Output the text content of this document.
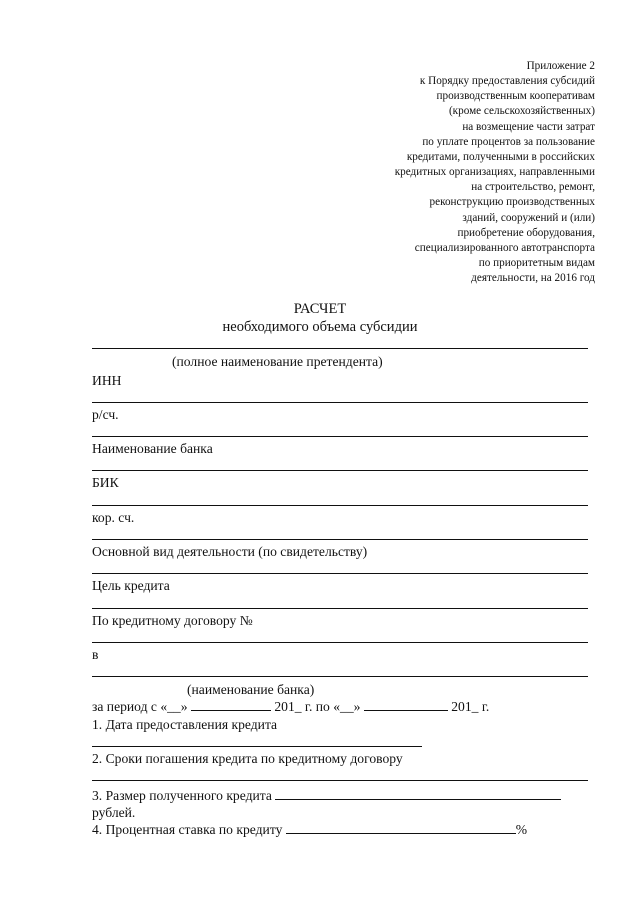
Приложение 2
к Порядку предоставления субсидий
производственным кооперативам
(кроме сельскохозяйственных)
на возмещение части затрат
по уплате процентов за пользование
кредитами, полученными в российских
кредитных организациях, направленными
на строительство, ремонт,
реконструкцию производственных
зданий, сооружений и (или)
приобретение оборудования,
специализированного автотранспорта
по приоритетным видам
деятельности, на 2016 год
РАСЧЕТ
необходимого объема субсидии
(полное наименование претендента)
ИНН
р/сч.
Наименование банка
БИК
кор. сч.
Основной вид деятельности (по свидетельству)
Цель кредита
По кредитному договору №
в
(наименование банка)
за период с «__»	201_ г. по «__»	201_ г.
1. Дата предоставления кредита
2. Сроки погашения кредита по кредитному договору
3. Размер полученного кредита
рублей.
4. Процентная ставка по кредиту	%
